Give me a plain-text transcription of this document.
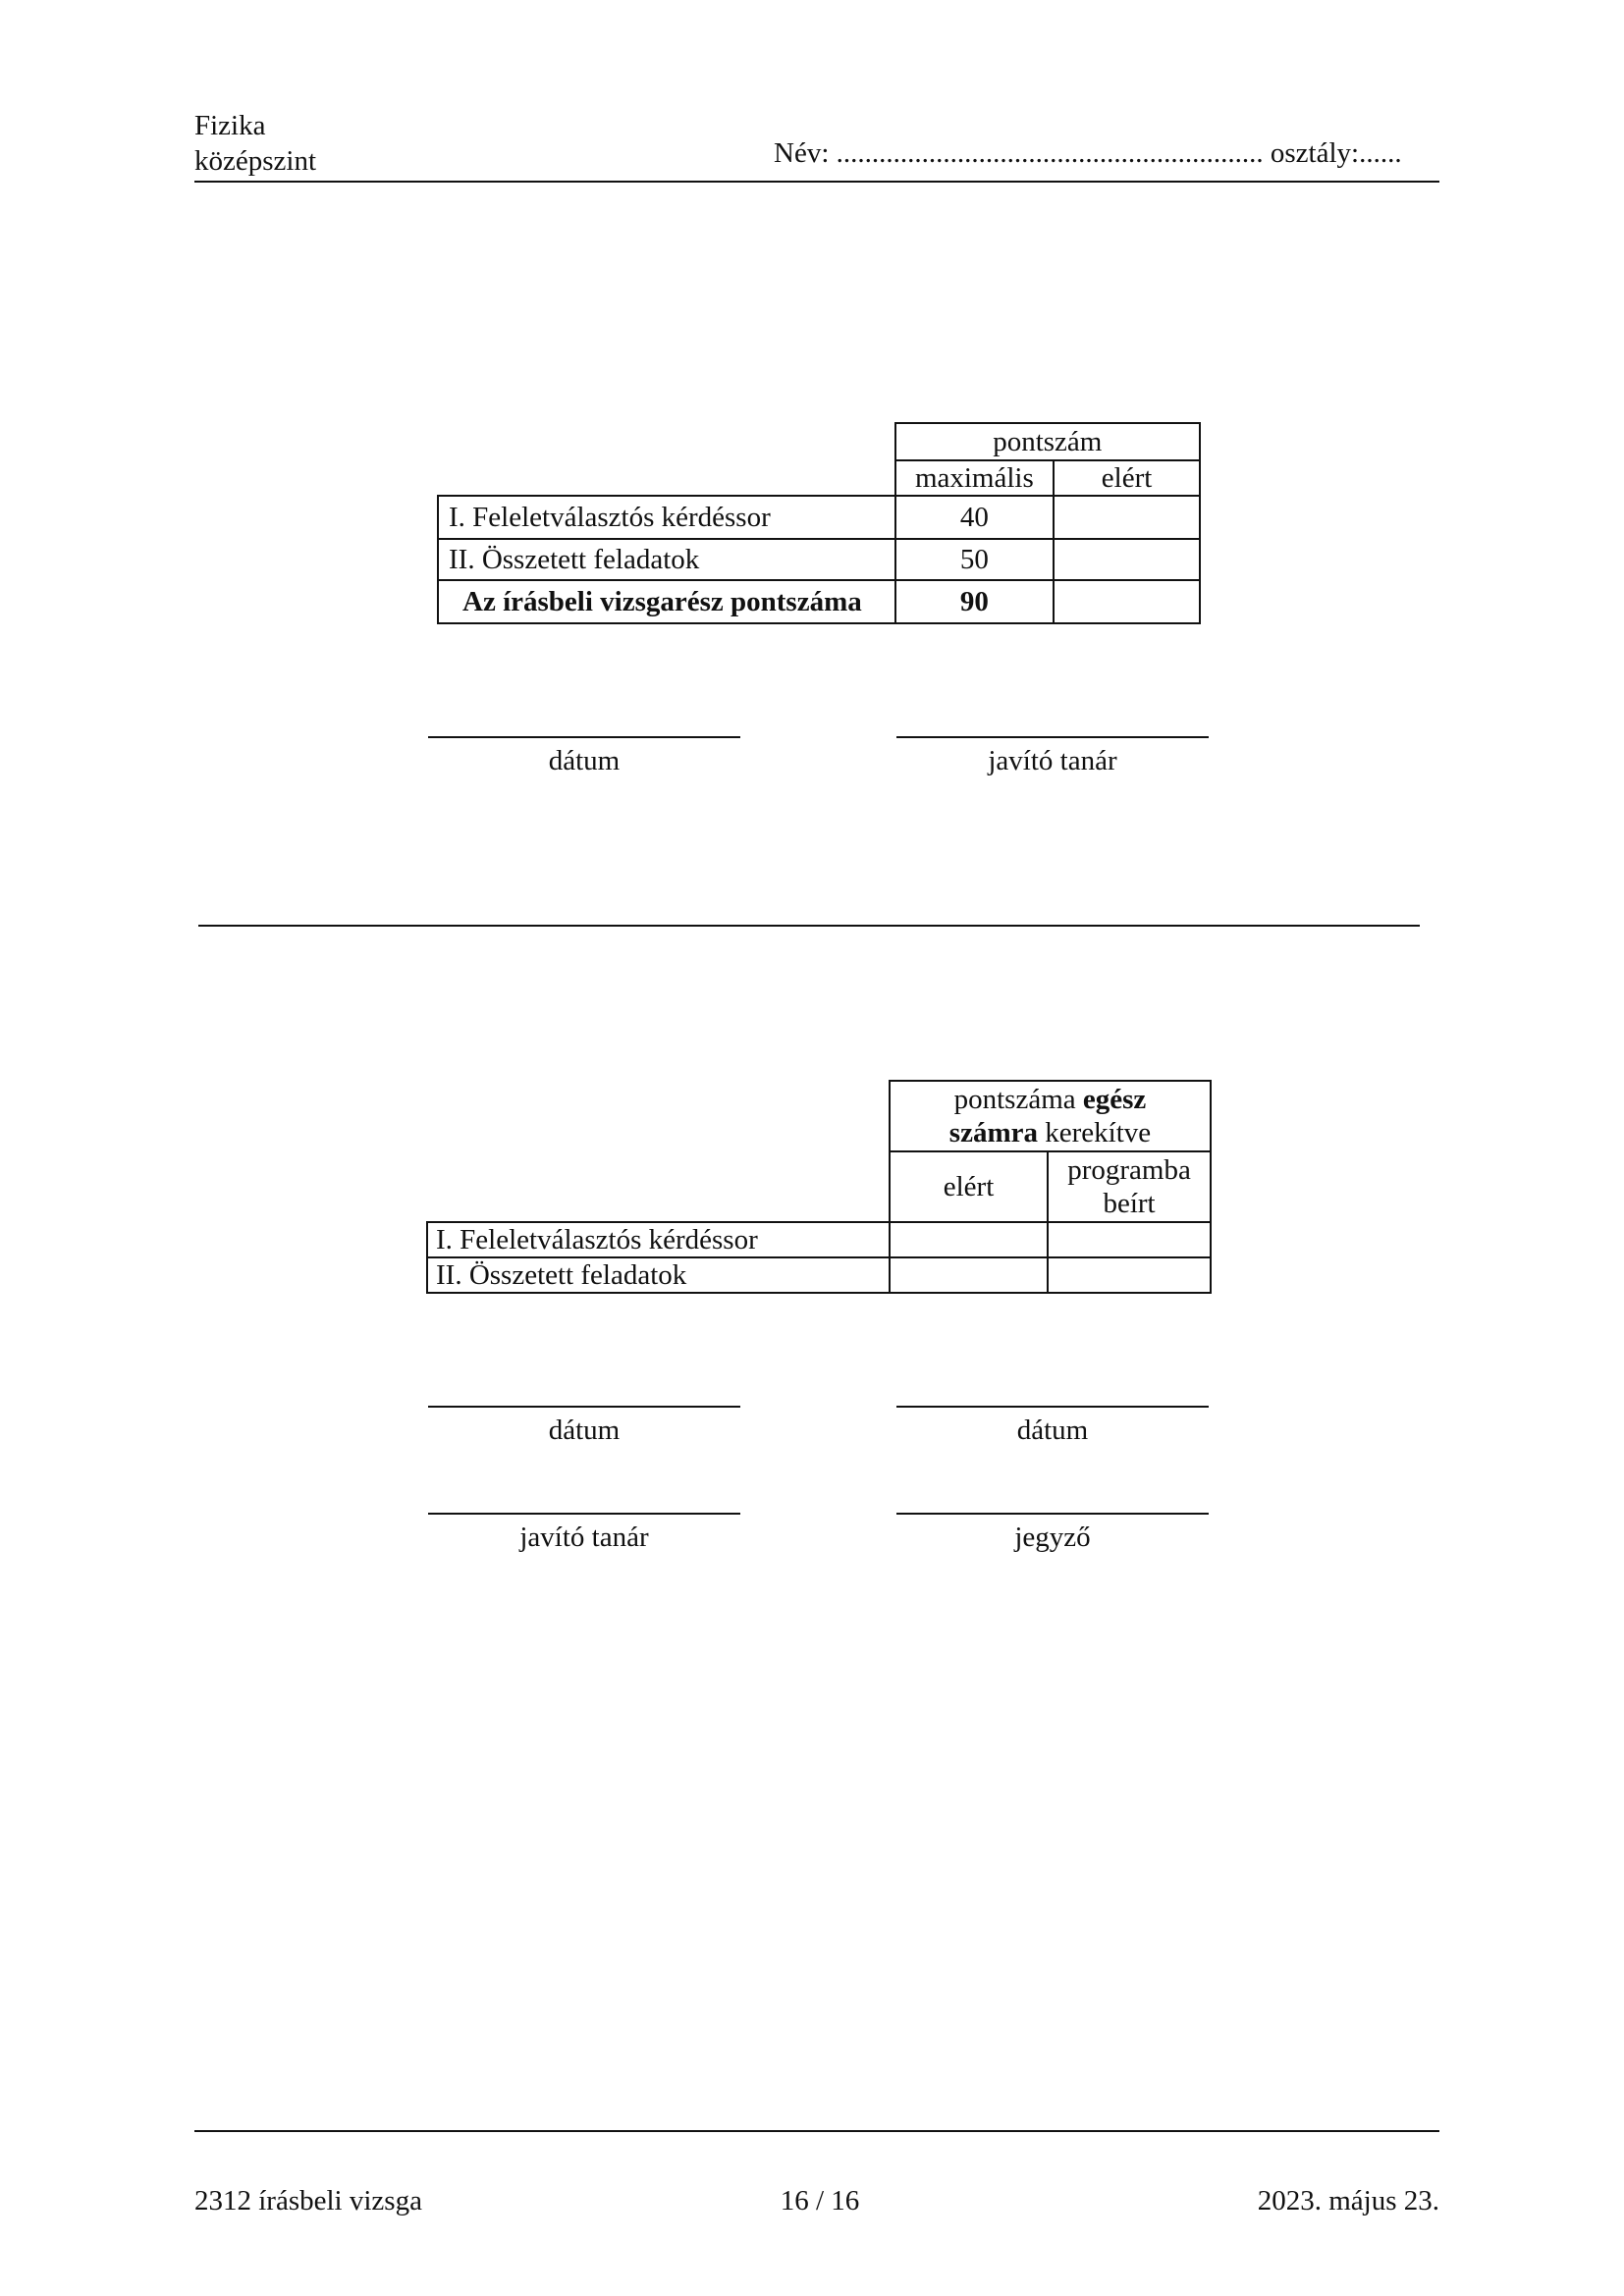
Fizika
középszint	Név: ............................................................ osztály:......
	pontszám	
	maximális	elért
I. Feleletválasztós kérdéssor	40	
II. Összetett feladatok	50	
Az írásbeli vizsgarész pontszáma	90	
dátum	javító tanár
	pontszáma egész
számra kerekítve	
	elért	programba beírt
I. Feleletválasztós kérdéssor		
II. Összetett feladatok		
dátum	dátum
javító tanár	jegyző
2312 írásbeli vizsga	16 / 16	2023. május 23.
